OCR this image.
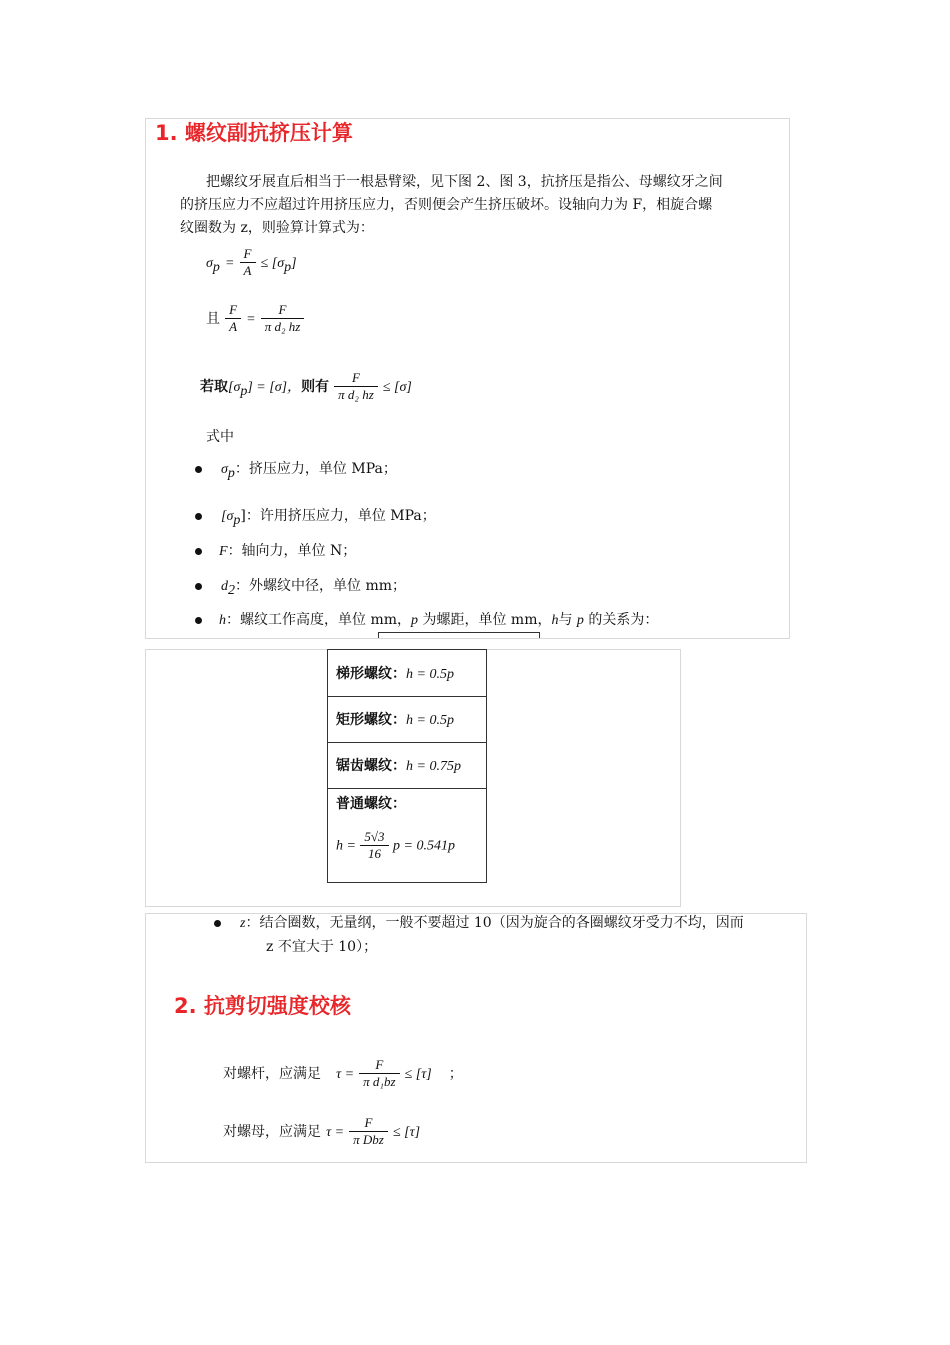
1. 螺纹副抗挤压计算
把螺纹牙展直后相当于一根悬臂梁，见下图 2、图 3，抗挤压是指公、母螺纹牙之间
的挤压应力不应超过许用挤压应力，否则便会产生挤压破坏。设轴向力为 F，相旋合螺
纹圈数为 z，则验算计算式为：
$\sigma_p = \frac{F}{A} \le [\sigma_p]$
且 $\frac{F}{A} = \frac{F}{\text{π d₂ hz}}$
若取$[\sigma_p] = [\sigma]$，则有 $\frac{F}{\text{π d₂ hz}} \le [\sigma]$
式中
$\sigma_p$：挤压应力，单位 MPa；
$[\sigma_p]$：许用挤压应力，单位 MPa；
F：轴向力，单位 N；
$d_2$：外螺纹中径，单位 mm；
h：螺纹工作高度，单位 mm，p 为螺距，单位 mm，h与 p 的关系为：
梯形螺纹：h = 0.5p
矩形螺纹：h = 0.5p
锯齿螺纹：h = 0.75p
普通螺纹：
$h = \frac{5√3}{16}$ p = 0.541p
z：结合圈数，无量纲，一般不要超过 10（因为旋合的各圈螺纹牙受力不均，因而
z 不宜大于 10）；
2. 抗剪切强度校核
对螺杆，应满足 $\tau = \frac{F}{\text{π d₁bz}} \le [\tau]$ ；
对螺母，应满足 $\tau = \frac{F}{\text{π Dbz}} \le [\tau]$
